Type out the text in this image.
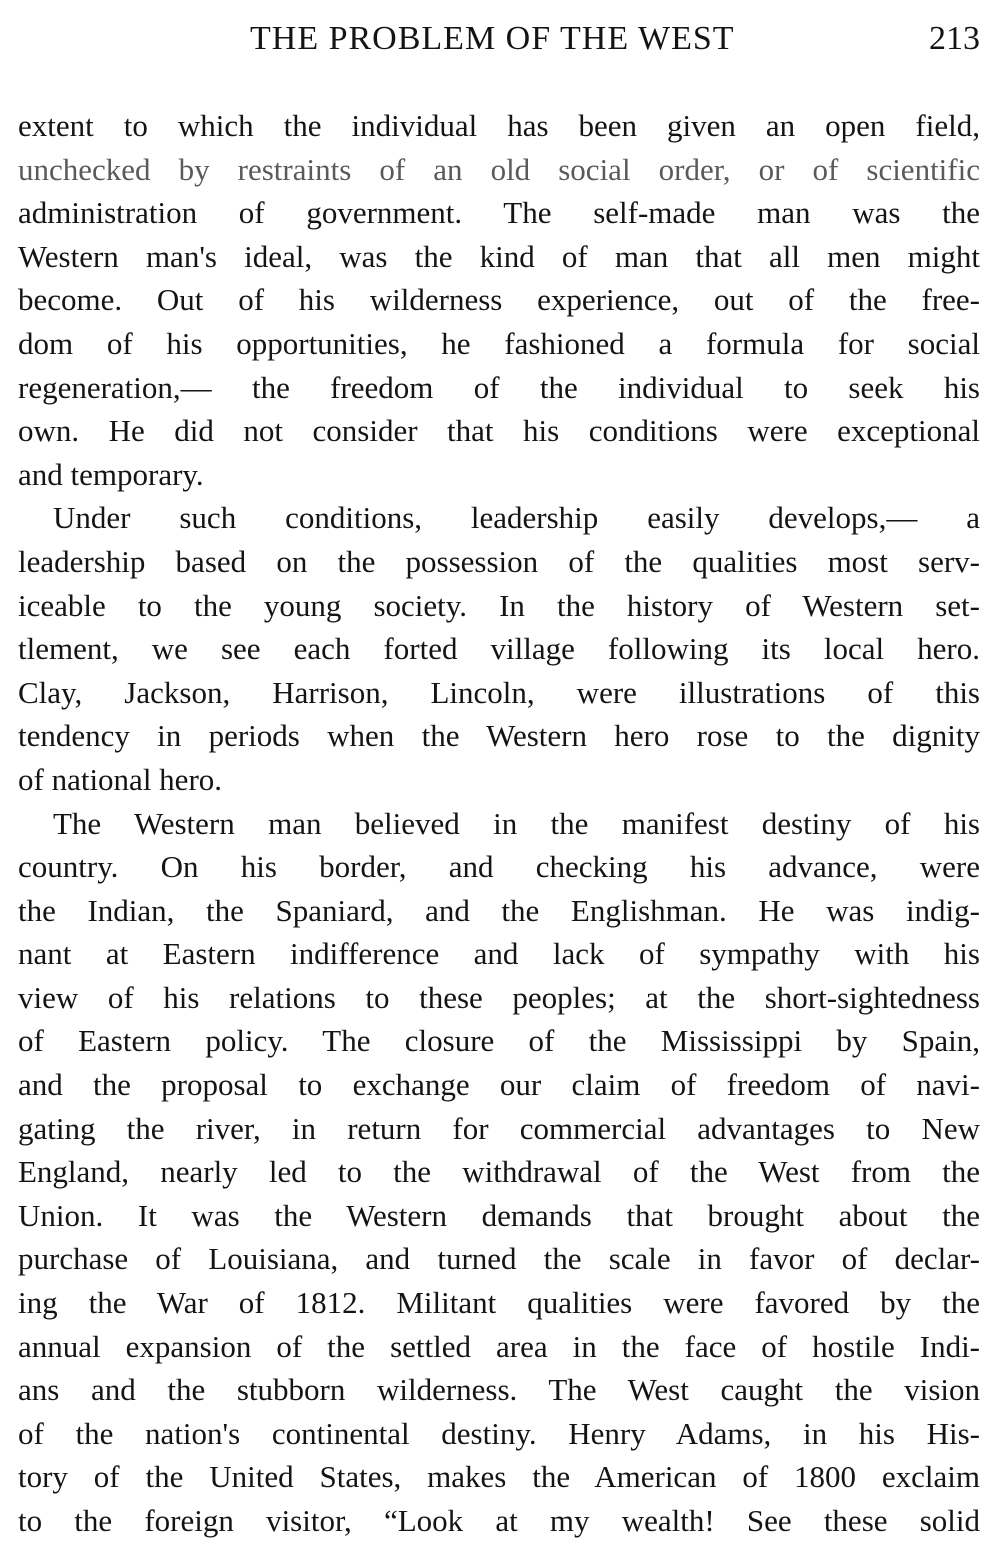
THE PROBLEM OF THE WEST	213
extent to which the individual has been given an open field,
unchecked by restraints of an old social order, or of scientific
administration of government. The self-made man was the
Western man's ideal, was the kind of man that all men might
become. Out of his wilderness experience, out of the free-
dom of his opportunities, he fashioned a formula for social
regeneration,— the freedom of the individual to seek his
own. He did not consider that his conditions were exceptional
and temporary.
Under such conditions, leadership easily develops,— a
leadership based on the possession of the qualities most serv-
iceable to the young society. In the history of Western set-
tlement, we see each forted village following its local hero.
Clay, Jackson, Harrison, Lincoln, were illustrations of this
tendency in periods when the Western hero rose to the dignity
of national hero.
The Western man believed in the manifest destiny of his
country. On his border, and checking his advance, were
the Indian, the Spaniard, and the Englishman. He was indig-
nant at Eastern indifference and lack of sympathy with his
view of his relations to these peoples; at the short-sightedness
of Eastern policy. The closure of the Mississippi by Spain,
and the proposal to exchange our claim of freedom of navi-
gating the river, in return for commercial advantages to New
England, nearly led to the withdrawal of the West from the
Union. It was the Western demands that brought about the
purchase of Louisiana, and turned the scale in favor of declar-
ing the War of 1812. Militant qualities were favored by the
annual expansion of the settled area in the face of hostile Indi-
ans and the stubborn wilderness. The West caught the vision
of the nation's continental destiny. Henry Adams, in his His-
tory of the United States, makes the American of 1800 exclaim
to the foreign visitor, “Look at my wealth! See these solid
